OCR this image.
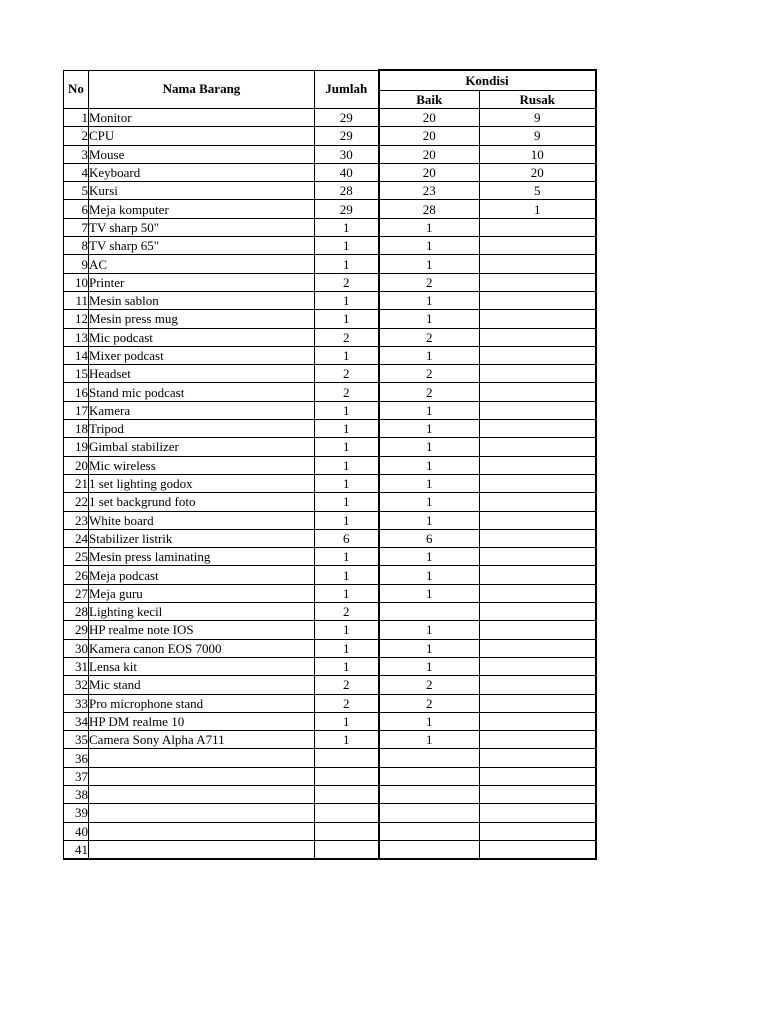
No	Nama Barang	Jumlah	Kondisi	
			Baik	Rusak
1	Monitor	29	20	9
2	CPU	29	20	9
3	Mouse	30	20	10
4	Keyboard	40	20	20
5	Kursi	28	23	5
6	Meja komputer	29	28	1
7	TV sharp 50"	1	1	
8	TV sharp 65"	1	1	
9	AC	1	1	
10	Printer	2	2	
11	Mesin sablon	1	1	
12	Mesin press mug	1	1	
13	Mic podcast	2	2	
14	Mixer podcast	1	1	
15	Headset	2	2	
16	Stand mic podcast	2	2	
17	Kamera	1	1	
18	Tripod	1	1	
19	Gimbal stabilizer	1	1	
20	Mic wireless	1	1	
21	1 set lighting godox	1	1	
22	1 set backgrund foto	1	1	
23	White board	1	1	
24	Stabilizer listrik	6	6	
25	Mesin press laminating	1	1	
26	Meja podcast	1	1	
27	Meja guru	1	1	
28	Lighting kecil	2		
29	HP realme note IOS	1	1	
30	Kamera canon EOS 7000	1	1	
31	Lensa kit	1	1	
32	Mic stand	2	2	
33	Pro microphone stand	2	2	
34	HP DM realme 10	1	1	
35	Camera Sony Alpha A711	1	1	
36				
37				
38				
39				
40				
41				
